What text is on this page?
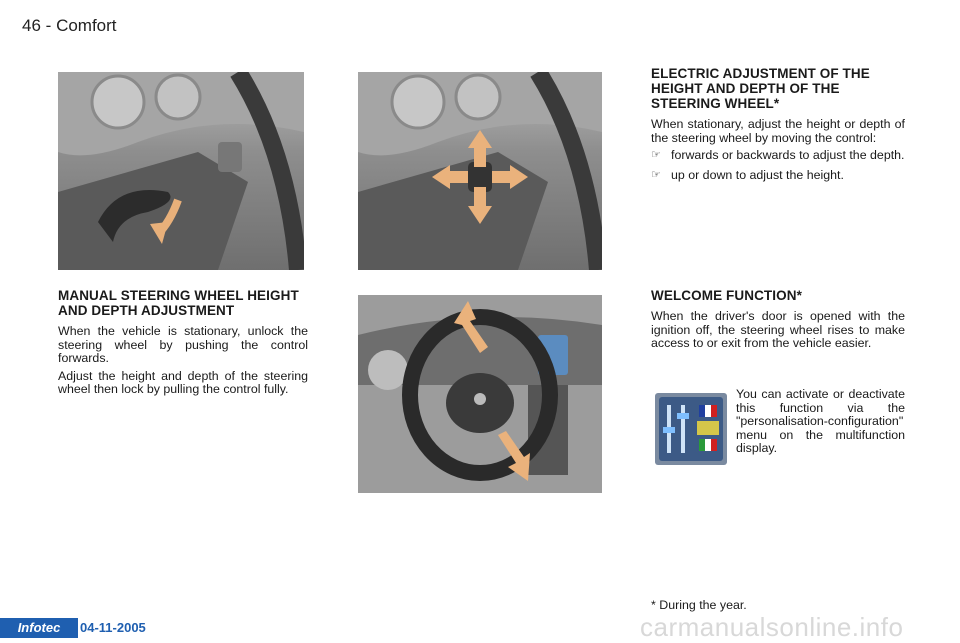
46 - Comfort
ELECTRIC ADJUSTMENT OF THE HEIGHT AND DEPTH OF THE STEERING WHEEL*

When stationary, adjust the height or depth of the steering wheel by moving the control:

☞ forwards or backwards to adjust the depth.
☞ up or down to adjust the height.
MANUAL STEERING WHEEL HEIGHT AND DEPTH ADJUSTMENT

When the vehicle is stationary, unlock the steering wheel by pushing the control forwards.

Adjust the height and depth of the steering wheel then lock by pulling the control fully.

WELCOME FUNCTION*

When the driver's door is opened with the ignition off, the steering wheel rises to make access to or exit from the vehicle easier.

You can activate or deactivate this function via the "personalisation-configuration" menu on the multifunction display.

* During the year.
Infotec	04-11-2005	carmanualsonline.info
